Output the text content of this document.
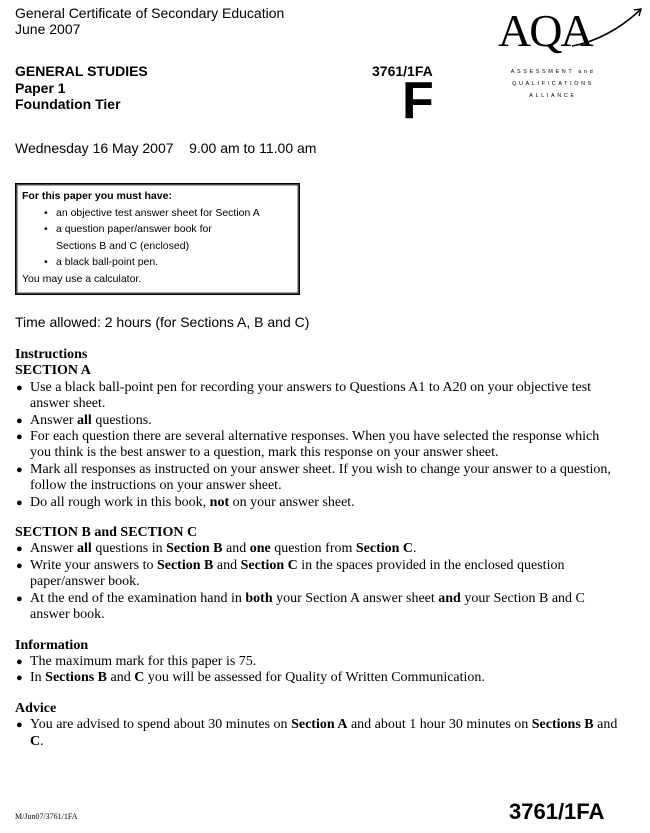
General Certificate of Secondary Education
June 2007
GENERAL STUDIES
Paper 1
Foundation Tier
3761/1FA
F
AQA
ASSESSMENT and
QUALIFICATIONS
ALLIANCE
Wednesday 16 May 2007    9.00 am to 11.00 am
For this paper you must have:
• an objective test answer sheet for Section A
• a question paper/answer book for
Sections B and C (enclosed)
• a black ball-point pen.
You may use a calculator.
Time allowed: 2 hours (for Sections A, B and C)
Instructions
SECTION A
● Use a black ball-point pen for recording your answers to Questions A1 to A20 on your objective test answer sheet.
● Answer all questions.
● For each question there are several alternative responses. When you have selected the response which you think is the best answer to a question, mark this response on your answer sheet.
● Mark all responses as instructed on your answer sheet. If you wish to change your answer to a question, follow the instructions on your answer sheet.
● Do all rough work in this book, not on your answer sheet.
SECTION B and SECTION C
● Answer all questions in Section B and one question from Section C.
● Write your answers to Section B and Section C in the spaces provided in the enclosed question paper/answer book.
● At the end of the examination hand in both your Section A answer sheet and your Section B and C answer book.
Information
● The maximum mark for this paper is 75.
● In Sections B and C you will be assessed for Quality of Written Communication.
Advice
● You are advised to spend about 30 minutes on Section A and about 1 hour 30 minutes on Sections B and C.
M/Jun07/3761/1FA	3761/1FA
